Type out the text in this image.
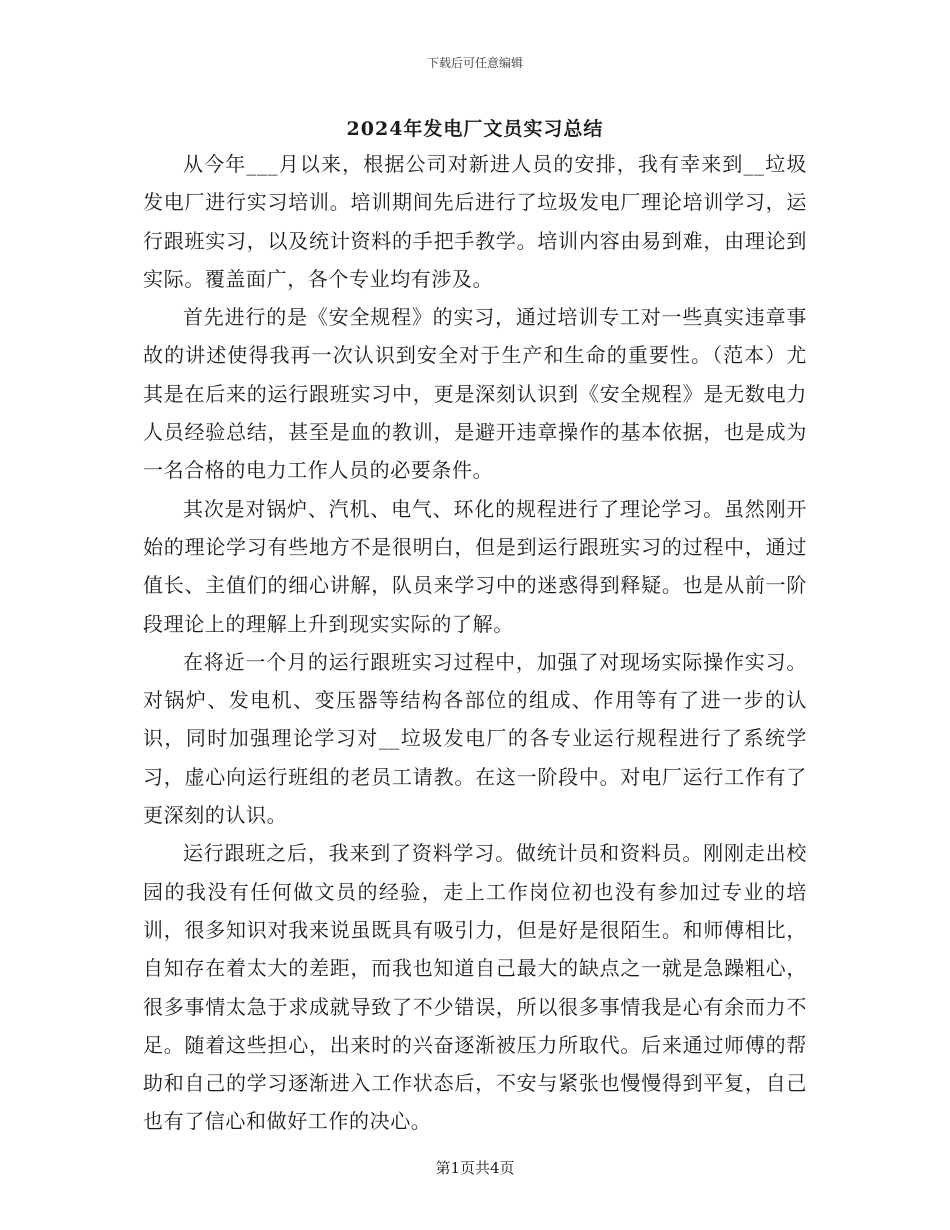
下载后可任意编辑
2024年发电厂文员实习总结

从今年___月以来，根据公司对新进人员的安排，我有幸来到__垃圾发电厂进行实习培训。培训期间先后进行了垃圾发电厂理论培训学习，运行跟班实习，以及统计资料的手把手教学。培训内容由易到难，由理论到实际。覆盖面广，各个专业均有涉及。

首先进行的是《安全规程》的实习，通过培训专工对一些真实违章事故的讲述使得我再一次认识到安全对于生产和生命的重要性。（范本）尤其是在后来的运行跟班实习中，更是深刻认识到《安全规程》是无数电力人员经验总结，甚至是血的教训，是避开违章操作的基本依据，也是成为一名合格的电力工作人员的必要条件。

其次是对锅炉、汽机、电气、环化的规程进行了理论学习。虽然刚开始的理论学习有些地方不是很明白，但是到运行跟班实习的过程中，通过值长、主值们的细心讲解，队员来学习中的迷惑得到释疑。也是从前一阶段理论上的理解上升到现实实际的了解。

在将近一个月的运行跟班实习过程中，加强了对现场实际操作实习。对锅炉、发电机、变压器等结构各部位的组成、作用等有了进一步的认识，同时加强理论学习对__垃圾发电厂的各专业运行规程进行了系统学习，虚心向运行班组的老员工请教。在这一阶段中。对电厂运行工作有了更深刻的认识。

运行跟班之后，我来到了资料学习。做统计员和资料员。刚刚走出校园的我没有任何做文员的经验，走上工作岗位初也没有参加过专业的培训，很多知识对我来说虽既具有吸引力，但是好是很陌生。和师傅相比，自知存在着太大的差距，而我也知道自己最大的缺点之一就是急躁粗心，很多事情太急于求成就导致了不少错误，所以很多事情我是心有余而力不足。随着这些担心，出来时的兴奋逐渐被压力所取代。后来通过师傅的帮助和自己的学习逐渐进入工作状态后，不安与紧张也慢慢得到平复，自己也有了信心和做好工作的决心。

第1页共4页
